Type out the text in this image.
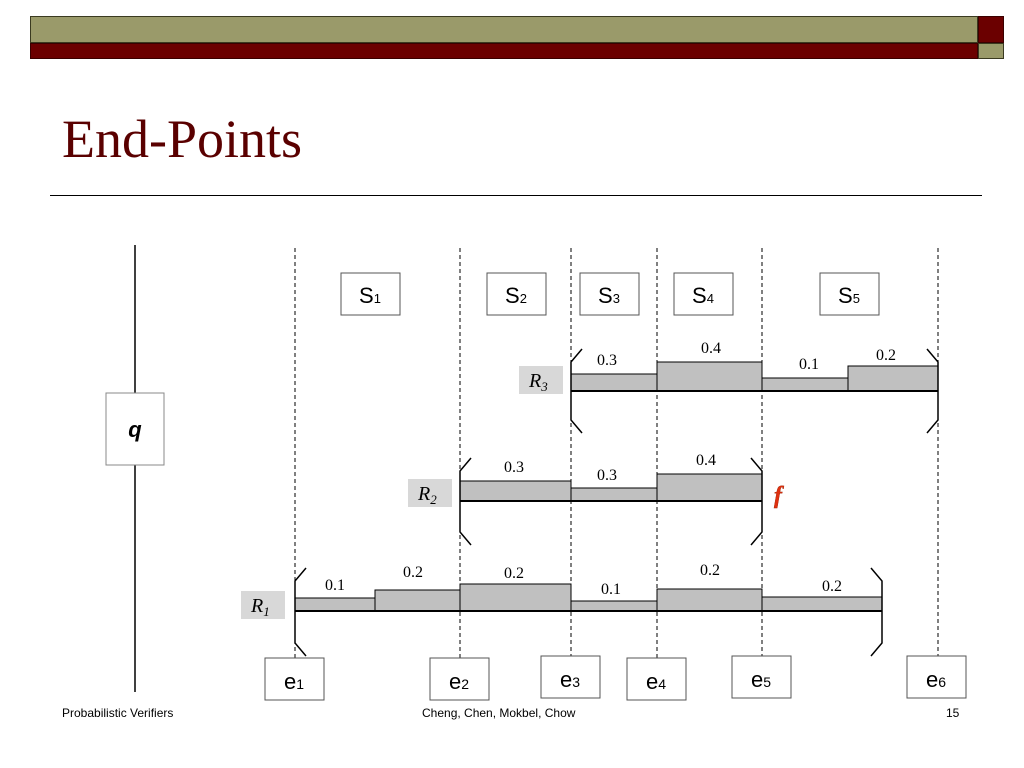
End-Points
q
S1	S2	S3	S4	S5
$R_3$
0.3
0.4
0.1
0.2
$R_2$
0.3	0.3
0.4
f
$R_1$
0.1
0.2	0.2
0.1
0.2
0.2
e1	e2	e3	e4	e5	e6
Probabilistic Verifiers	Cheng, Chen, Mokbel, Chow	15
